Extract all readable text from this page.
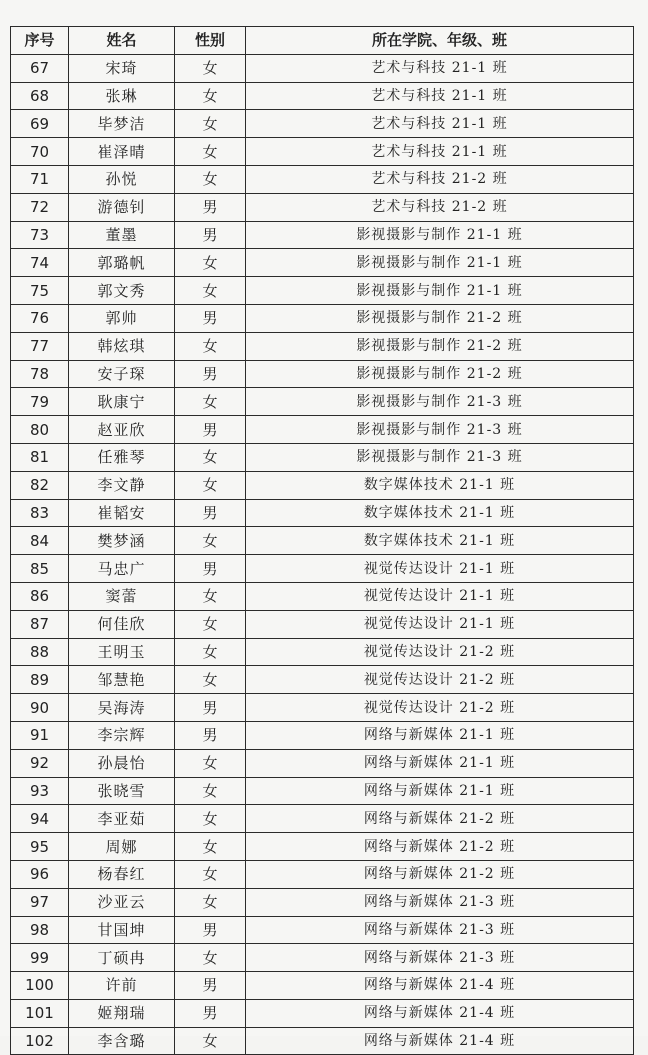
序号	姓名	性别	所在学院、年级、班
67	宋琦	女	艺术与科技 21-1 班
68	张琳	女	艺术与科技 21-1 班
69	毕梦洁	女	艺术与科技 21-1 班
70	崔泽晴	女	艺术与科技 21-1 班
71	孙悦	女	艺术与科技 21-2 班
72	游德钊	男	艺术与科技 21-2 班
73	董墨	男	影视摄影与制作 21-1 班
74	郭璐帆	女	影视摄影与制作 21-1 班
75	郭文秀	女	影视摄影与制作 21-1 班
76	郭帅	男	影视摄影与制作 21-2 班
77	韩炫琪	女	影视摄影与制作 21-2 班
78	安子琛	男	影视摄影与制作 21-2 班
79	耿康宁	女	影视摄影与制作 21-3 班
80	赵亚欣	男	影视摄影与制作 21-3 班
81	任雅琴	女	影视摄影与制作 21-3 班
82	李文静	女	数字媒体技术 21-1 班
83	崔韬安	男	数字媒体技术 21-1 班
84	樊梦涵	女	数字媒体技术 21-1 班
85	马忠广	男	视觉传达设计 21-1 班
86	窦蕾	女	视觉传达设计 21-1 班
87	何佳欣	女	视觉传达设计 21-1 班
88	王明玉	女	视觉传达设计 21-2 班
89	邹慧艳	女	视觉传达设计 21-2 班
90	吴海涛	男	视觉传达设计 21-2 班
91	李宗辉	男	网络与新媒体 21-1 班
92	孙晨怡	女	网络与新媒体 21-1 班
93	张晓雪	女	网络与新媒体 21-1 班
94	李亚茹	女	网络与新媒体 21-2 班
95	周娜	女	网络与新媒体 21-2 班
96	杨春红	女	网络与新媒体 21-2 班
97	沙亚云	女	网络与新媒体 21-3 班
98	甘国坤	男	网络与新媒体 21-3 班
99	丁硕冉	女	网络与新媒体 21-3 班
100	许前	男	网络与新媒体 21-4 班
101	姬翔瑞	男	网络与新媒体 21-4 班
102	李含璐	女	网络与新媒体 21-4 班
